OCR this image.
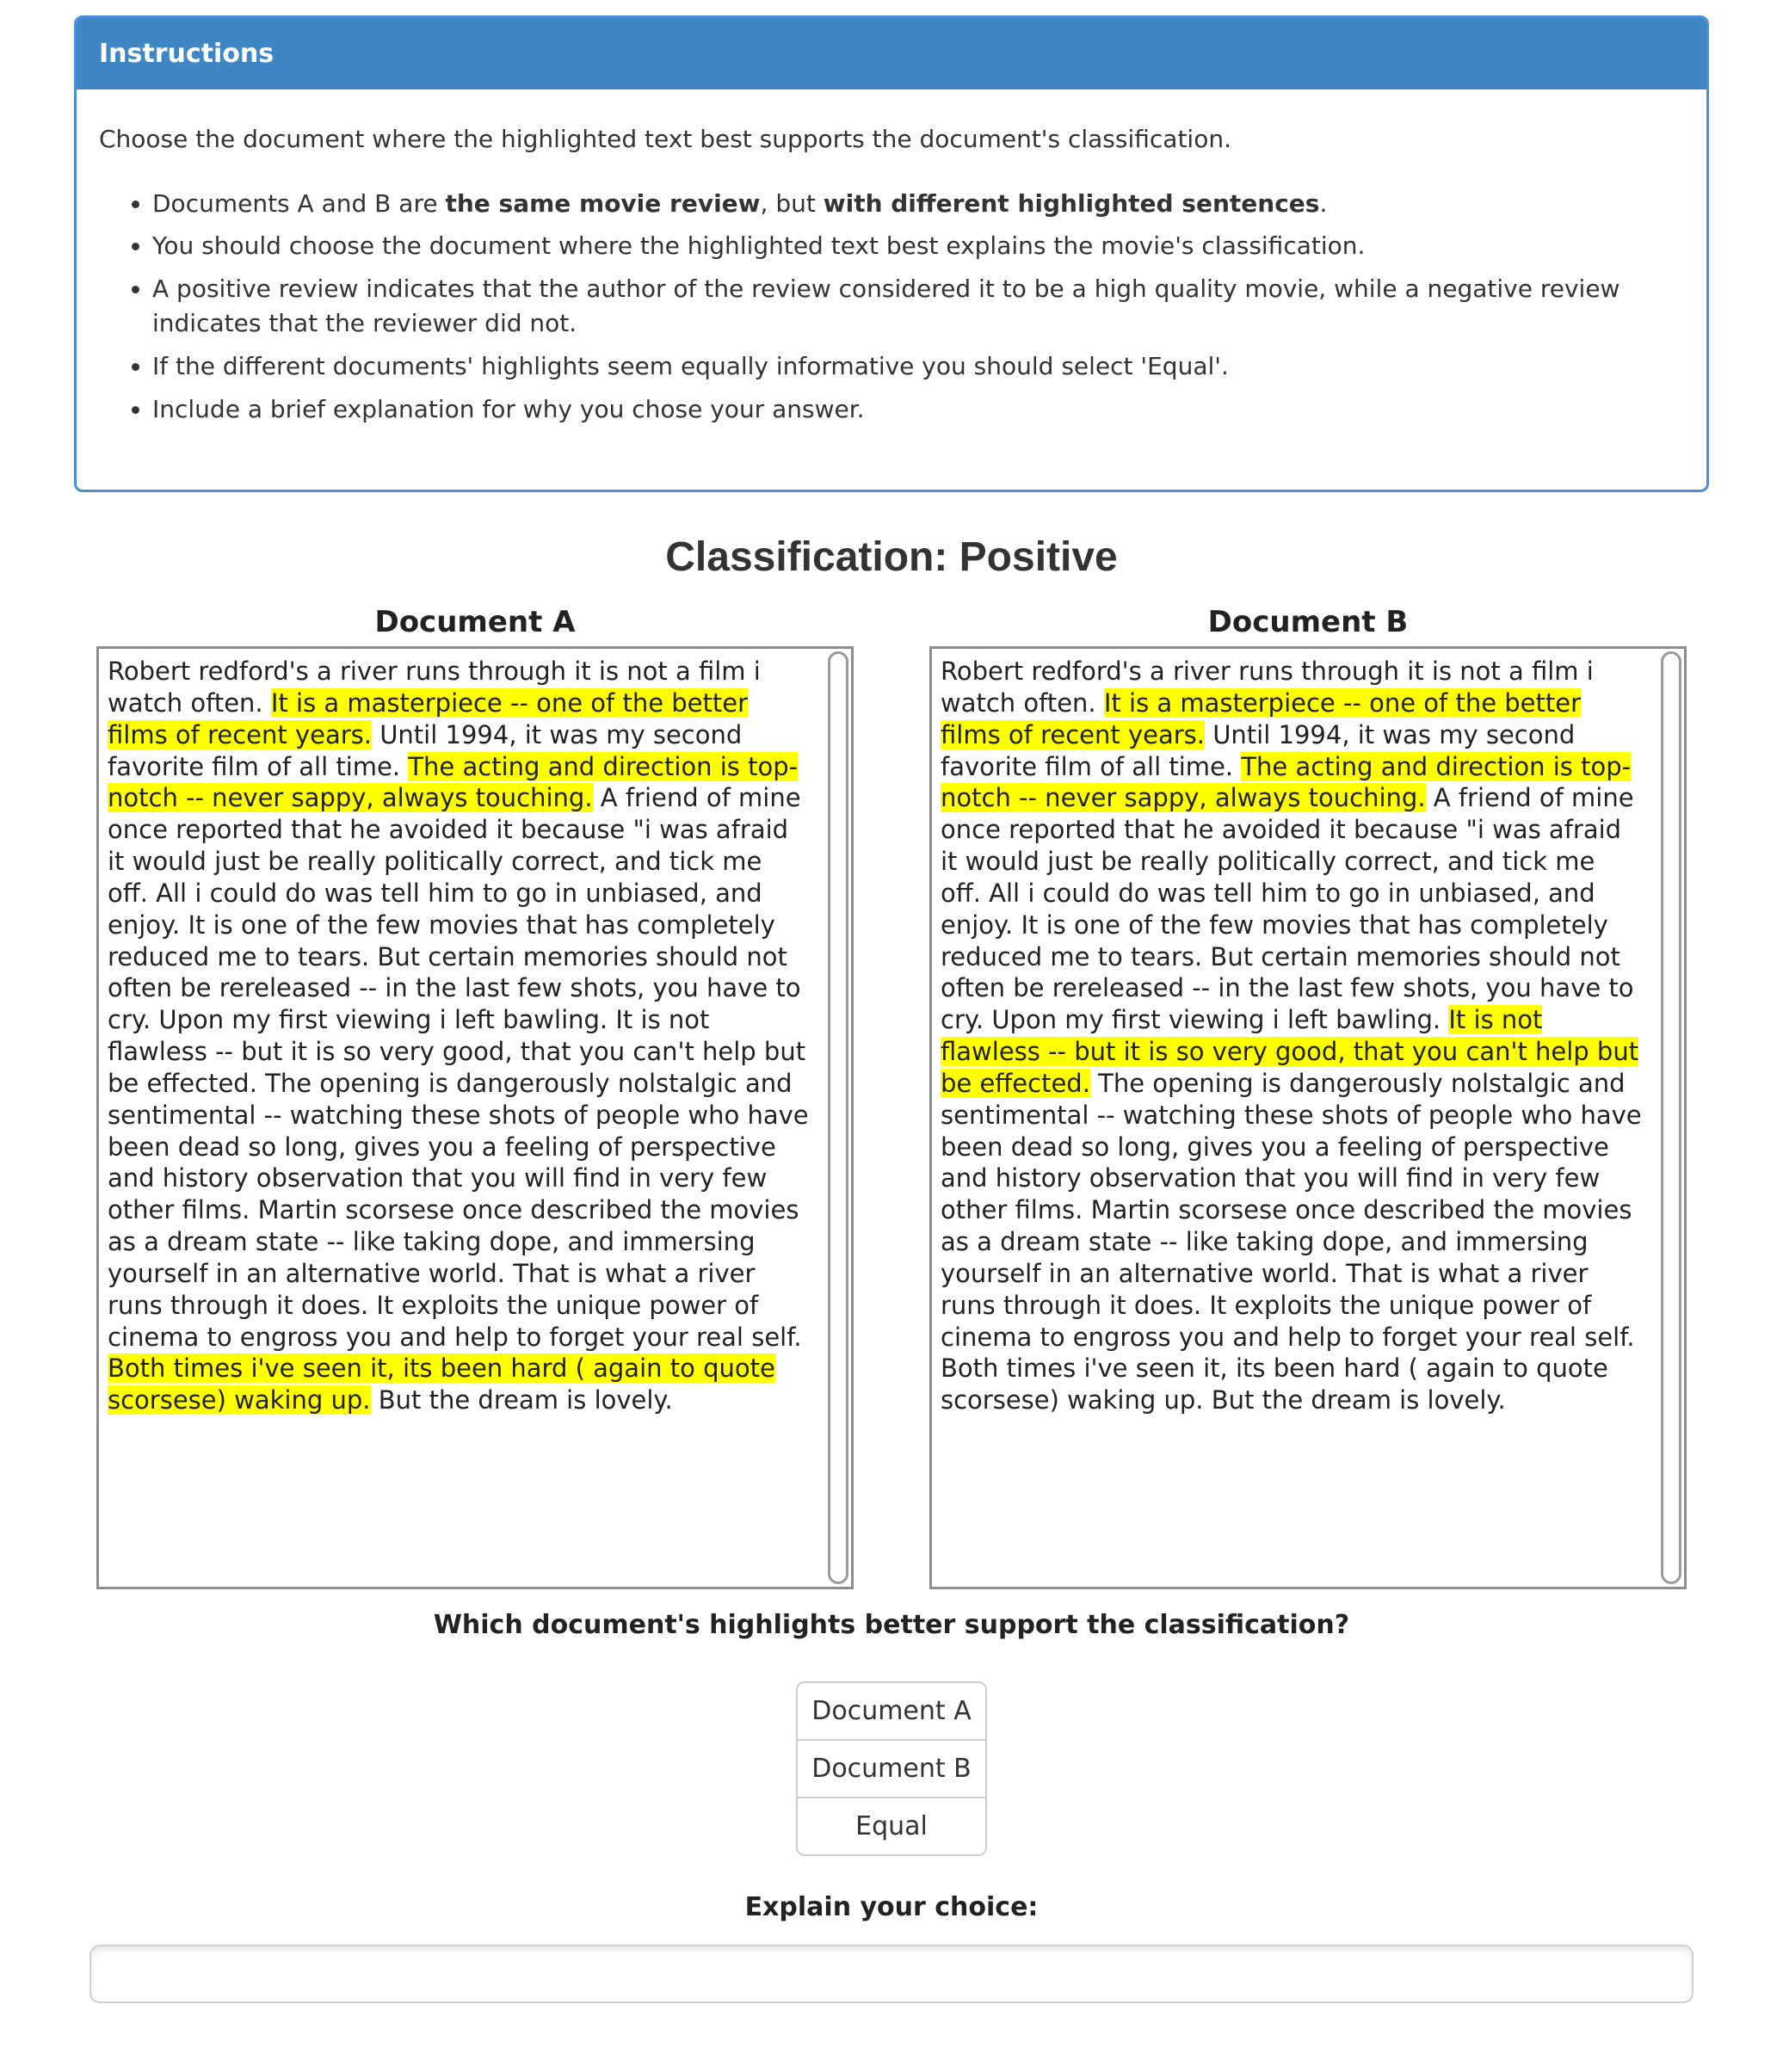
Instructions

Choose the document where the highlighted text best supports the document's classification.

• Documents A and B are the same movie review, but with different highlighted sentences.
• You should choose the document where the highlighted text best explains the movie's classification.
• A positive review indicates that the author of the review considered it to be a high quality movie, while a negative review indicates that the reviewer did not.
• If the different documents' highlights seem equally informative you should select 'Equal'.
• Include a brief explanation for why you chose your answer.
Classification: Positive
Document A
Robert redford's a river runs through it is not a film i watch often. It is a masterpiece -- one of the better films of recent years. Until 1994, it was my second favorite film of all time. The acting and direction is top-notch -- never sappy, always touching. A friend of mine once reported that he avoided it because "i was afraid it would just be really politically correct, and tick me off. All i could do was tell him to go in unbiased, and enjoy. It is one of the few movies that has completely reduced me to tears. But certain memories should not often be rereleased -- in the last few shots, you have to cry. Upon my first viewing i left bawling. It is not flawless -- but it is so very good, that you can't help but be effected. The opening is dangerously nolstalgic and sentimental -- watching these shots of people who have been dead so long, gives you a feeling of perspective and history observation that you will find in very few other films. Martin scorsese once described the movies as a dream state -- like taking dope, and immersing yourself in an alternative world. That is what a river runs through it does. It exploits the unique power of cinema to engross you and help to forget your real self. Both times i've seen it, its been hard ( again to quote scorsese) waking up. But the dream is lovely.
Document B
Robert redford's a river runs through it is not a film i watch often. It is a masterpiece -- one of the better films of recent years. Until 1994, it was my second favorite film of all time. The acting and direction is top-notch -- never sappy, always touching. A friend of mine once reported that he avoided it because "i was afraid it would just be really politically correct, and tick me off. All i could do was tell him to go in unbiased, and enjoy. It is one of the few movies that has completely reduced me to tears. But certain memories should not often be rereleased -- in the last few shots, you have to cry. Upon my first viewing i left bawling. It is not flawless -- but it is so very good, that you can't help but be effected. The opening is dangerously nolstalgic and sentimental -- watching these shots of people who have been dead so long, gives you a feeling of perspective and history observation that you will find in very few other films. Martin scorsese once described the movies as a dream state -- like taking dope, and immersing yourself in an alternative world. That is what a river runs through it does. It exploits the unique power of cinema to engross you and help to forget your real self. Both times i've seen it, its been hard ( again to quote scorsese) waking up. But the dream is lovely.
Which document's highlights better support the classification?
Document A
Document B
Equal
Explain your choice:
